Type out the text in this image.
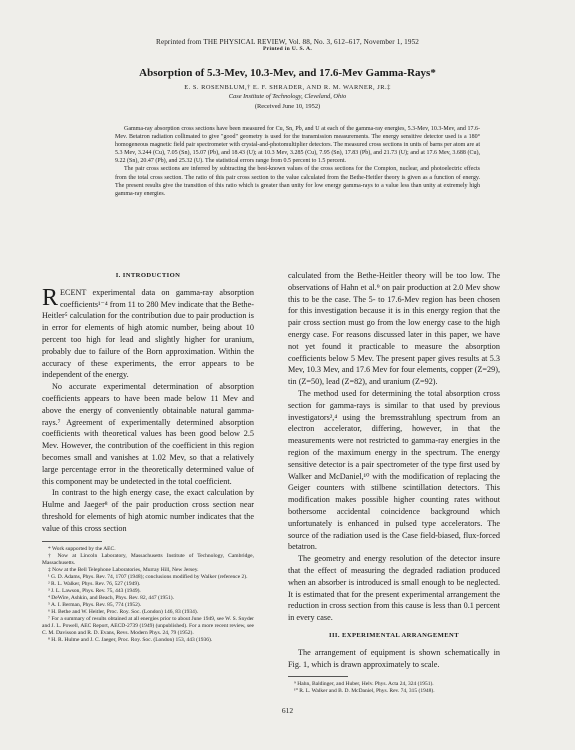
Reprinted from THE PHYSICAL REVIEW, Vol. 88, No. 3, 612–617, November 1, 1952
Printed in U. S. A.
Absorption of 5.3-Mev, 10.3-Mev, and 17.6-Mev Gamma-Rays*
E. S. ROSENBLUM,† E. F. SHRADER, AND R. M. WARNER, JR.‡
Case Institute of Technology, Cleveland, Ohio
(Received June 10, 1952)

Gamma-ray absorption cross sections have been measured for Cu, Sn, Pb, and U at each of the gamma-ray energies, 5.3-Mev, 10.3-Mev, and 17.6-Mev. Betatron radiation collimated to give "good" geometry is used for the transmission measurements. The energy sensitive detector used is a 180° homogeneous magnetic field pair spectrometer with crystal-and-photomultiplier detectors. The measured cross sections in units of barns per atom are at 5.3 Mev, 3.244 (Cu), 7.05 (Sn), 15.07 (Pb), and 18.43 (U); at 10.3 Mev, 3.285 (Cu), 7.95 (Sn), 17.83 (Pb), and 21.73 (U); and at 17.6 Mev, 3.688 (Cu), 9.22 (Sn), 20.47 (Pb), and 25.32 (U). The statistical errors range from 0.5 percent to 1.5 percent.

The pair cross sections are inferred by subtracting the best-known values of the cross sections for the Compton, nuclear, and photoelectric effects from the total cross section. The ratio of this pair cross section to the value calculated from the Bethe-Heitler theory is given as a function of energy. The present results give the transition of this ratio which is greater than unity for low energy gamma-rays to a value less than unity at extremely high gamma-ray energies.

I. INTRODUCTION

RECENT experimental data on gamma-ray absorption coefficients¹⁻⁴ from 11 to 280 Mev indicate that the Bethe-Heitler⁵ calculation for the contribution due to pair production is in error for elements of high atomic number, being about 10 percent too high for lead and slightly higher for uranium, probably due to failure of the Born approximation. Within the accuracy of these experiments, the error appears to be independent of the energy.

No accurate experimental determination of absorption coefficients appears to have been made below 11 Mev and above the energy of conveniently obtainable natural gamma-rays.⁷ Agreement of experimentally determined absorption coefficients with theoretical values has been good below 2.5 Mev. However, the contribution of the coefficient in this region becomes small and vanishes at 1.02 Mev, so that a relatively large percentage error in the theoretically determined value of this component may be undetected in the total coefficient.

In contrast to the high energy case, the exact calculation by Hulme and Jaeger⁸ of the pair production cross section near threshold for elements of high atomic number indicates that the value of this cross section

* Work supported by the AEC.

† Now at Lincoln Laboratory, Massachusetts Institute of Technology, Cambridge, Massachusetts.

‡ Now at the Bell Telephone Laboratories, Murray Hill, New Jersey.

¹ G. D. Adams, Phys. Rev. 74, 1707 (1948); conclusions modified by Walker (reference 2).

² R. L. Walker, Phys. Rev. 76, 527 (1949).

³ J. L. Lawson, Phys. Rev. 75, 443 (1949).

⁴ DeWire, Ashkin, and Beach, Phys. Rev. 82, 447 (1951).

⁵ A. I. Berman, Phys. Rev. 85, 774 (1952).

⁶ H. Bethe and W. Heitler, Proc. Roy. Soc. (London) 146, 83 (1934).

⁷ For a summary of results obtained at all energies prior to about June 1949, see W. S. Snyder and J. L. Powell, AEC Report, AECD-2739 (1949) (unpublished). For a more recent review, see C. M. Davisson and R. D. Evans, Revs. Modern Phys. 24, 79 (1952).

⁸ H. R. Hulme and J. C. Jaeger, Proc. Roy. Soc. (London) 153, 443 (1936).

calculated from the Bethe-Heitler theory will be too low. The observations of Hahn et al.⁹ on pair production at 2.0 Mev show this to be the case. The 5- to 17.6-Mev region has been chosen for this investigation because it is in this energy region that the pair cross section must go from the low energy case to the high energy case. For reasons discussed later in this paper, we have not yet found it practicable to measure the absorption coefficients below 5 Mev. The present paper gives results at 5.3 Mev, 10.3 Mev, and 17.6 Mev for four elements, copper (Z=29), tin (Z=50), lead (Z=82), and uranium (Z=92).

The method used for determining the total absorption cross section for gamma-rays is similar to that used by previous investigators²,⁴ using the bremsstrahlung spectrum from an electron accelerator, differing, however, in that the measurements were not restricted to gamma-ray energies in the region of the maximum energy in the spectrum. The energy sensitive detector is a pair spectrometer of the type first used by Walker and McDaniel,¹⁰ with the modification of replacing the Geiger counters with stilbene scintillation detectors. This modification makes possible higher counting rates without bothersome accidental coincidence background which unfortunately is enhanced in pulsed type accelerators. The source of the radiation used is the Case field-biased, flux-forced betatron.

The geometry and energy resolution of the detector insure that the effect of measuring the degraded radiation produced when an absorber is introduced is small enough to be neglected. It is estimated that for the present experimental arrangement the reduction in cross section from this cause is less than 0.1 percent in every case.

III. EXPERIMENTAL ARRANGEMENT

The arrangement of equipment is shown schematically in Fig. 1, which is drawn approximately to scale.

⁹ Hahn, Baldinger, and Huber, Helv. Phys. Acta 24, 324 (1951).

¹⁰ R. L. Walker and B. D. McDaniel, Phys. Rev. 74, 315 (1948).

612
